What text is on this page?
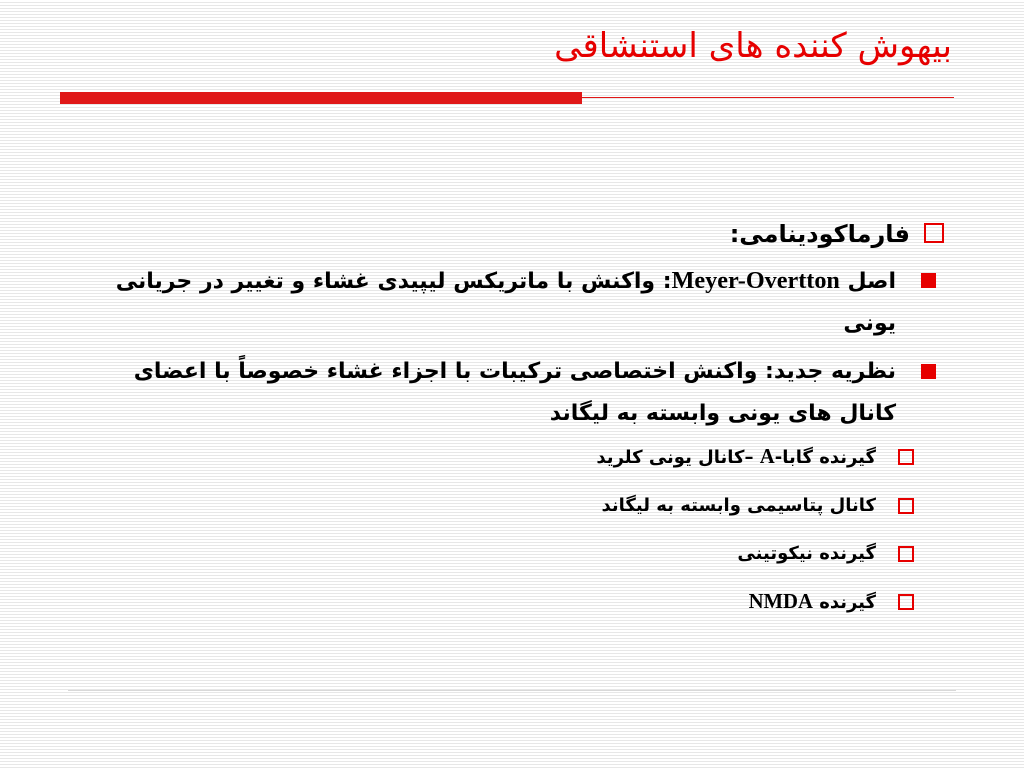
بیهوش کننده های استنشاقی
فارماکودینامی:
اصل Meyer-Overtton: واکنش با ماتریکس لیپیدی غشاء و تغییر در جریانی یونی
نظریه جدید: واکنش اختصاصی ترکیبات با اجزاء غشاء خصوصاً با اعضای کانال های یونی وابسته به لیگاند
گیرنده گابا-A –کانال یونی کلرید
کانال پتاسیمی وابسته به لیگاند
گیرنده نیکوتینی
گیرنده NMDA
